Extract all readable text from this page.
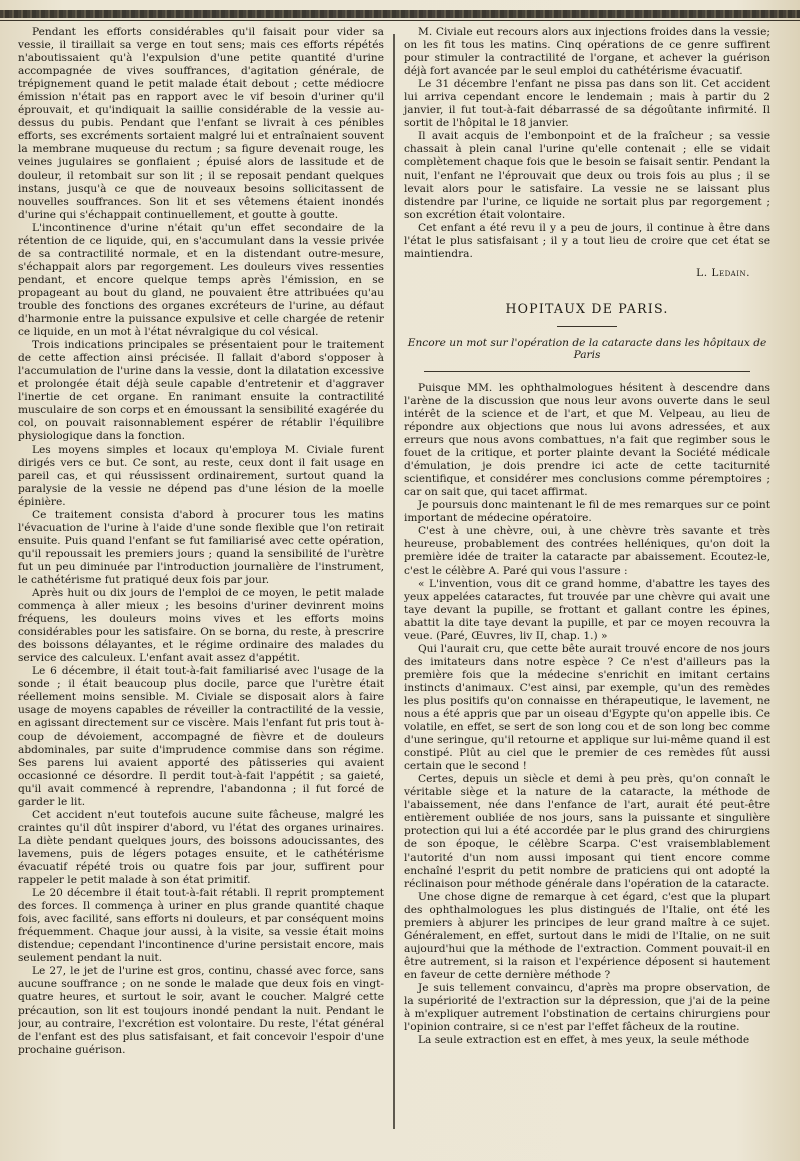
Pendant les efforts considérables qu'il faisait pour vider sa vessie, il tiraillait sa verge en tout sens; mais ces efforts répétés n'aboutissaient qu'à l'expulsion d'une petite quantité d'urine accompagnée de vives souffrances, d'agitation générale, de trépignement quand le petit malade était debout ; cette médiocre émission n'était pas en rapport avec le vif besoin d'uriner qu'il éprouvait, et qu'indiquait la saillie considérable de la vessie au-dessus du pubis. Pendant que l'enfant se livrait à ces pénibles efforts, ses excréments sortaient malgré lui et entraînaient souvent la membrane muqueuse du rectum ; sa figure devenait rouge, les veines jugulaires se gonflaient ; épuisé alors de lassitude et de douleur, il retombait sur son lit ; il se reposait pendant quelques instans, jusqu'à ce que de nouveaux besoins sollicitassent de nouvelles souffrances. Son lit et ses vêtemens étaient inondés d'urine qui s'échappait continuellement, et goutte à goutte.

L'incontinence d'urine n'était qu'un effet secondaire de la rétention de ce liquide, qui, en s'accumulant dans la vessie privée de sa contractilité normale, et en la distendant outre-mesure, s'échappait alors par regorgement. Les douleurs vives ressenties pendant, et encore quelque temps après l'émission, en se propageant au bout du gland, ne pouvaient être attribuées qu'au trouble des fonctions des organes excréteurs de l'urine, au défaut d'harmonie entre la puissance expulsive et celle chargée de retenir ce liquide, en un mot à l'état névralgique du col vésical.

Trois indications principales se présentaient pour le traitement de cette affection ainsi précisée. Il fallait d'abord s'opposer à l'accumulation de l'urine dans la vessie, dont la dilatation excessive et prolongée était déjà seule capable d'entretenir et d'aggraver l'inertie de cet organe. En ranimant ensuite la contractilité musculaire de son corps et en émoussant la sensibilité exagérée du col, on pouvait raisonnablement espérer de rétablir l'équilibre physiologique dans la fonction.

Les moyens simples et locaux qu'employa M. Civiale furent dirigés vers ce but. Ce sont, au reste, ceux dont il fait usage en pareil cas, et qui réussissent ordinairement, surtout quand la paralysie de la vessie ne dépend pas d'une lésion de la moelle épinière.

Ce traitement consista d'abord à procurer tous les matins l'évacuation de l'urine à l'aide d'une sonde flexible que l'on retirait ensuite. Puis quand l'enfant se fut familiarisé avec cette opération, qu'il repoussait les premiers jours ; quand la sensibilité de l'urètre fut un peu diminuée par l'introduction journalière de l'instrument, le cathétérisme fut pratiqué deux fois par jour.

Après huit ou dix jours de l'emploi de ce moyen, le petit malade commença à aller mieux ; les besoins d'uriner devinrent moins fréquens, les douleurs moins vives et les efforts moins considérables pour les satisfaire. On se borna, du reste, à prescrire des boissons délayantes, et le régime ordinaire des malades du service des calculeux. L'enfant avait assez d'appétit.

Le 6 décembre, il était tout-à-fait familiarisé avec l'usage de la sonde ; il était beaucoup plus docile, parce que l'urètre était réellement moins sensible. M. Civiale se disposait alors à faire usage de moyens capables de réveiller la contractilité de la vessie, en agissant directement sur ce viscère. Mais l'enfant fut pris tout à-coup de dévoiement, accompagné de fièvre et de douleurs abdominales, par suite d'imprudence commise dans son régime. Ses parens lui avaient apporté des pâtisseries qui avaient occasionné ce désordre. Il perdit tout-à-fait l'appétit ; sa gaieté, qu'il avait commencé à reprendre, l'abandonna ; il fut forcé de garder le lit.

Cet accident n'eut toutefois aucune suite fâcheuse, malgré les craintes qu'il dût inspirer d'abord, vu l'état des organes urinaires. La diète pendant quelques jours, des boissons adoucissantes, des lavemens, puis de légers potages ensuite, et le cathétérisme évacuatif répété trois ou quatre fois par jour, suffirent pour rappeler le petit malade à son état primitif.

Le 20 décembre il était tout-à-fait rétabli. Il reprit promptement des forces. Il commença à uriner en plus grande quantité chaque fois, avec facilité, sans efforts ni douleurs, et par conséquent moins fréquemment. Chaque jour aussi, à la visite, sa vessie était moins distendue; cependant l'incontinence d'urine persistait encore, mais seulement pendant la nuit.

Le 27, le jet de l'urine est gros, continu, chassé avec force, sans aucune souffrance ; on ne sonde le malade que deux fois en vingt-quatre heures, et surtout le soir, avant le coucher. Malgré cette précaution, son lit est toujours inondé pendant la nuit. Pendant le jour, au contraire, l'excrétion est volontaire. Du reste, l'état général de l'enfant est des plus satisfaisant, et fait concevoir l'espoir d'une prochaine guérison.

M. Civiale eut recours alors aux injections froides dans la vessie; on les fit tous les matins. Cinq opérations de ce genre suffirent pour stimuler la contractilité de l'organe, et achever la guérison déjà fort avancée par le seul emploi du cathétérisme évacuatif.

Le 31 décembre l'enfant ne pissa pas dans son lit. Cet accident lui arriva cependant encore le lendemain ; mais à partir du 2 janvier, il fut tout-à-fait débarrassé de sa dégoûtante infirmité. Il sortit de l'hôpital le 18 janvier.

Il avait acquis de l'embonpoint et de la fraîcheur ; sa vessie chassait à plein canal l'urine qu'elle contenait ; elle se vidait complètement chaque fois que le besoin se faisait sentir. Pendant la nuit, l'enfant ne l'éprouvait que deux ou trois fois au plus ; il se levait alors pour le satisfaire. La vessie ne se laissant plus distendre par l'urine, ce liquide ne sortait plus par regorgement ; son excrétion était volontaire.

Cet enfant a été revu il y a peu de jours, il continue à être dans l'état le plus satisfaisant ; il y a tout lieu de croire que cet état se maintiendra.

L. Ledain.
HOPITAUX DE PARIS.
Encore un mot sur l'opération de la cataracte dans les hôpitaux de Paris

Puisque MM. les ophthalmologues hésitent à descendre dans l'arène de la discussion que nous leur avons ouverte dans le seul intérêt de la science et de l'art, et que M. Velpeau, au lieu de répondre aux objections que nous lui avons adressées, et aux erreurs que nous avons combattues, n'a fait que regimber sous le fouet de la critique, et porter plainte devant la Société médicale d'émulation, je dois prendre ici acte de cette taciturnité scientifique, et considérer mes conclusions comme péremptoires ; car on sait que, qui tacet affirmat.

Je poursuis donc maintenant le fil de mes remarques sur ce point important de médecine opératoire.

C'est à une chèvre, oui, à une chèvre très savante et très heureuse, probablement des contrées helléniques, qu'on doit la première idée de traiter la cataracte par abaissement. Ecoutez-le, c'est le célèbre A. Paré qui vous l'assure :

« L'invention, vous dit ce grand homme, d'abattre les tayes des yeux appelées cataractes, fut trouvée par une chèvre qui avait une taye devant la pupille, se frottant et gallant contre les épines, abattit la dite taye devant la pupille, et par ce moyen recouvra la veue. (Paré, Œuvres, liv II, chap. 1.) »

Qui l'aurait cru, que cette bête aurait trouvé encore de nos jours des imitateurs dans notre espèce ? Ce n'est d'ailleurs pas la première fois que la médecine s'enrichit en imitant certains instincts d'animaux. C'est ainsi, par exemple, qu'un des remèdes les plus positifs qu'on connaisse en thérapeutique, le lavement, ne nous a été appris que par un oiseau d'Egypte qu'on appelle ibis. Ce volatile, en effet, se sert de son long cou et de son long bec comme d'une seringue, qu'il retourne et applique sur lui-même quand il est constipé. Plût au ciel que le premier de ces remèdes fût aussi certain que le second !

Certes, depuis un siècle et demi à peu près, qu'on connaît le véritable siège et la nature de la cataracte, la méthode de l'abaissement, née dans l'enfance de l'art, aurait été peut-être entièrement oubliée de nos jours, sans la puissante et singulière protection qui lui a été accordée par le plus grand des chirurgiens de son époque, le célèbre Scarpa. C'est vraisemblablement l'autorité d'un nom aussi imposant qui tient encore comme enchaîné l'esprit du petit nombre de praticiens qui ont adopté la réclinaison pour méthode générale dans l'opération de la cataracte.

Une chose digne de remarque à cet égard, c'est que la plupart des ophthalmologues les plus distingués de l'Italie, ont été les premiers à abjurer les principes de leur grand maître à ce sujet. Généralement, en effet, surtout dans le midi de l'Italie, on ne suit aujourd'hui que la méthode de l'extraction. Comment pouvait-il en être autrement, si la raison et l'expérience déposent si hautement en faveur de cette dernière méthode ?

Je suis tellement convaincu, d'après ma propre observation, de la supériorité de l'extraction sur la dépression, que j'ai de la peine à m'expliquer autrement l'obstination de certains chirurgiens pour l'opinion contraire, si ce n'est par l'effet fâcheux de la routine.

La seule extraction est en effet, à mes yeux, la seule méthode
